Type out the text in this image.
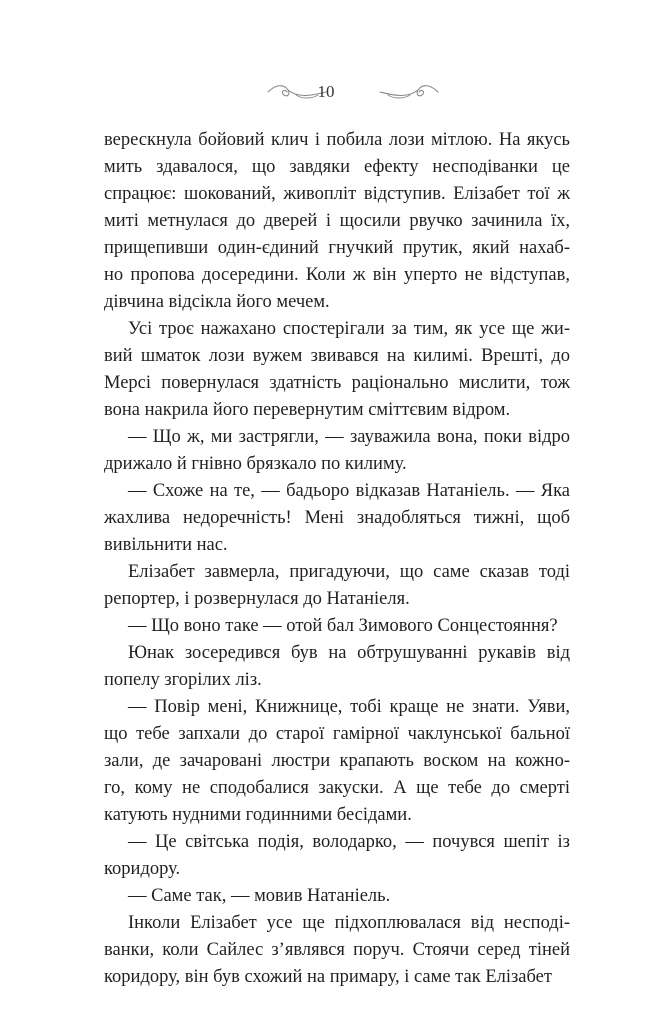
10

верескнула бойовий клич і побила лози мітлою. На якусь
мить здавалося, що завдяки ефекту несподіванки це
спрацює: шокований, живопліт відступив. Елізабет тої ж
миті метнулася до дверей і щосили рвучко зачинила їх,
прищепивши один-єдиний гнучкий прутик, який нахаб-
но пропова досередини. Коли ж він уперто не відступав,
дівчина відсікла його мечем.

Усі троє нажахано спостерігали за тим, як усе ще жи-
вий шматок лози вужем звивався на килимі. Врешті, до
Мерсі повернулася здатність раціонально мислити, тож
вона накрила його перевернутим сміттєвим відром.

— Що ж, ми застрягли, — зауважила вона, поки відро
дрижало й гнівно брязкало по килиму.

— Схоже на те, — бадьоро відказав Натаніель. — Яка
жахлива недоречність! Мені знадобляться тижні, щоб
вивільнити нас.

Елізабет завмерла, пригадуючи, що саме сказав тоді
репортер, і розвернулася до Натаніеля.

— Що воно таке — отой бал Зимового Сонцестояння?

Юнак зосередився був на обтрушуванні рукавів від
попелу згорілих ліз.

— Повір мені, Книжнице, тобі краще не знати. Уяви,
що тебе запхали до старої гамірної чаклунської бальної
зали, де зачаровані люстри крапають воском на кожно-
го, кому не сподобалися закуски. А ще тебе до смерті
катують нудними годинними бесідами.

— Це світська подія, володарко, — почувся шепіт із
коридору.

— Саме так, — мовив Натаніель.

Інколи Елізабет усе ще підхоплювалася від несподі-
ванки, коли Сайлес з’являвся поруч. Стоячи серед тіней
коридору, він був схожий на примару, і саме так Елізабет
